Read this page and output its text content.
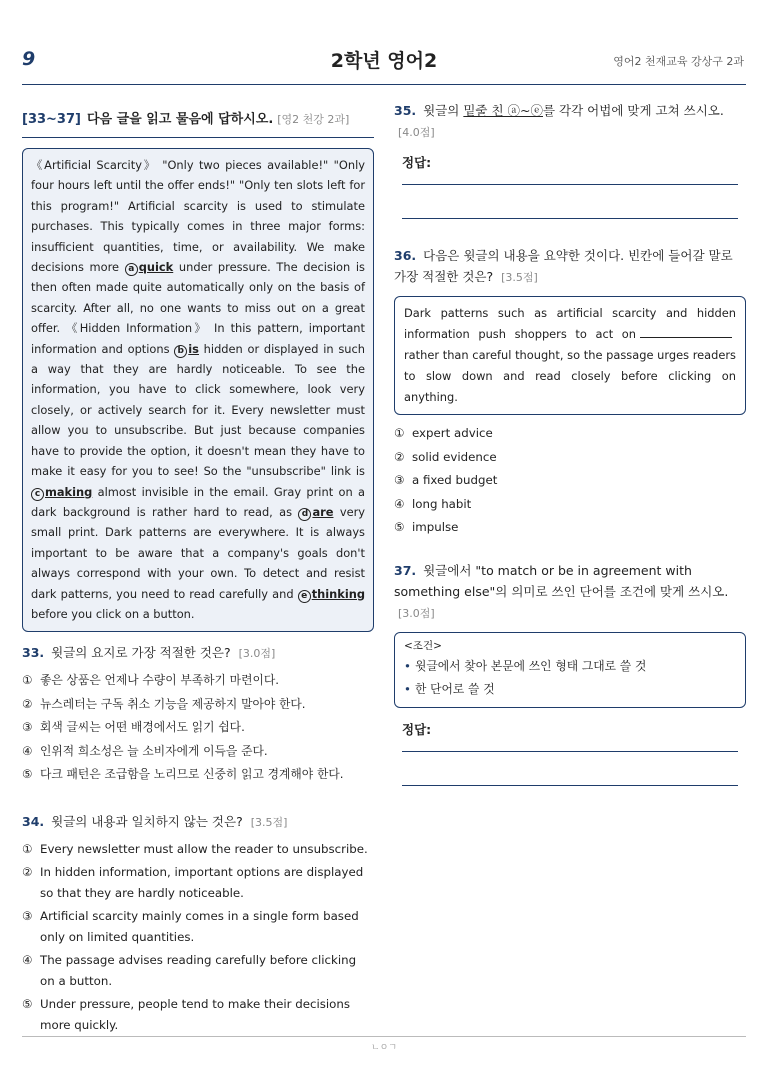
9	2학년 영어2	영어2 천재교육 강상구 2과
[33~37] 다음 글을 읽고 물음에 답하시오. [영2 천강 2과]
《Artificial Scarcity》 "Only two pieces available!" "Only four hours left until the offer ends!" "Only ten slots left for this program!" Artificial scarcity is used to stimulate purchases. This typically comes in three major forms: insufficient quantities, time, or availability. We make decisions more a quick under pressure. The decision is then often made quite automatically only on the basis of scarcity. After all, no one wants to miss out on a great offer. 《Hidden Information》 In this pattern, important information and options b is hidden or displayed in such a way that they are hardly noticeable. To see the information, you have to click somewhere, look very closely, or actively search for it. Every newsletter must allow you to unsubscribe. But just because companies have to provide the option, it doesn't mean they have to make it easy for you to see! So the "unsubscribe" link is c making almost invisible in the email. Gray print on a dark background is rather hard to read, as d are very small print. Dark patterns are everywhere. It is always important to be aware that a company's goals don't always correspond with your own. To detect and resist dark patterns, you need to read carefully and e thinking before you click on a button.
33. 윗글의 요지로 가장 적절한 것은? [3.0점]
① 좋은 상품은 언제나 수량이 부족하기 마련이다.
② 뉴스레터는 구독 취소 기능을 제공하지 말아야 한다.
③ 회색 글씨는 어떤 배경에서도 읽기 쉽다.
④ 인위적 희소성은 늘 소비자에게 이득을 준다.
⑤ 다크 패턴은 조급함을 노리므로 신중히 읽고 경계해야 한다.
34. 윗글의 내용과 일치하지 않는 것은? [3.5점]
① Every newsletter must allow the reader to unsubscribe.
② In hidden information, important options are displayed so that they are hardly noticeable.
③ Artificial scarcity mainly comes in a single form based only on limited quantities.
④ The passage advises reading carefully before clicking on a button.
⑤ Under pressure, people tend to make their decisions more quickly.
35. 윗글의 밑줄 친 ⓐ~ⓔ를 각각 어법에 맞게 고쳐 쓰시오. [4.0점]
정답:
36. 다음은 윗글의 내용을 요약한 것이다. 빈칸에 들어갈 말로 가장 적절한 것은? [3.5점]
Dark patterns such as artificial scarcity and hidden information push shoppers to act onrather than careful thought, so the passage urges readers to slow down and read closely before clicking on anything.
① expert advice
② solid evidence
③ a fixed budget
④ long habit
⑤ impulse
37. 윗글에서 "to match or be in agreement with something else"의 의미로 쓰인 단어를 조건에 맞게 쓰시오. [3.0점]
<조건>
• 윗글에서 찾아 본문에 쓰인 형태 그대로 쓸 것
• 한 단어로 쓸 것
정답:
ㄴㅇㄱ
